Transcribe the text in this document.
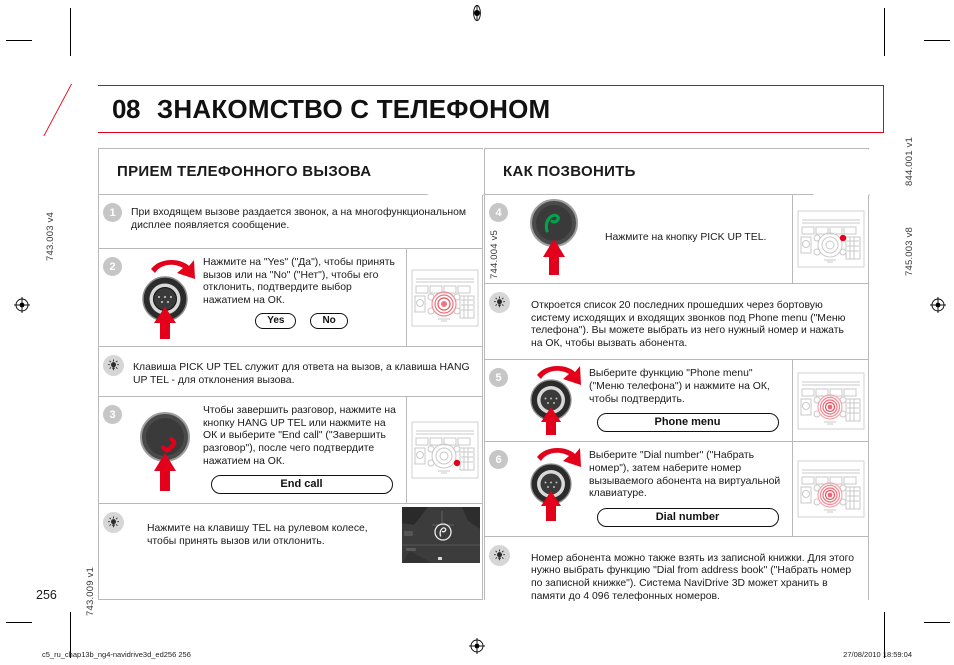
08 ЗНАКОМСТВО С ТЕЛЕФОНОМ
ПРИЕМ ТЕЛЕФОННОГО ВЫЗОВА
1	При входящем вызове раздается звонок, а на многофункциональном дисплее появляется сообщение.
2	Нажмите на "Yes" ("Да"), чтобы принять вызов или на "No" ("Нет"), чтобы его отклонить, подтвердите выбор нажатием на ОК.
Yes	No
Клавиша PICK UP TEL служит для ответа на вызов, а клавиша HANG UP TEL - для отклонения вызова.
3	Чтобы завершить разговор, нажмите на кнопку HANG UP TEL или нажмите на ОК и выберите "End call" ("Завершить разговор"), после чего подтвердите нажатием на ОК.
End call
Нажмите на клавишу TEL на рулевом колесе, чтобы принять вызов или отклонить.
КАК ПОЗВОНИТЬ
4
Нажмите на кнопку PICK UP TEL.
Откроется список 20 последних прошедших через бортовую систему исходящих и входящих звонков под Phone menu ("Меню телефона"). Вы можете выбрать из него нужный номер и нажать на ОК, чтобы вызвать абонента.
5	Выберите функцию "Phone menu" ("Меню телефона") и нажмите на ОК, чтобы подтвердить.
Phone menu
6	Выберите "Dial number" ("Набрать номер"), затем наберите номер вызываемого абонента на виртуальной клавиатуре.
Dial number
Номер абонента можно также взять из записной книжки. Для этого нужно выбрать функцию "Dial from address book" ("Набрать номер по записной книжке"). Система NaviDrive 3D может хранить в памяти до 4 096 телефонных номеров.
743.003 v4
743.009 v1
744.004 v5
844.001 v1
745.003 v8
256
c5_ru_chap13b_ng4-navidrive3d_ed256 256	27/08/2010 18:59:04
